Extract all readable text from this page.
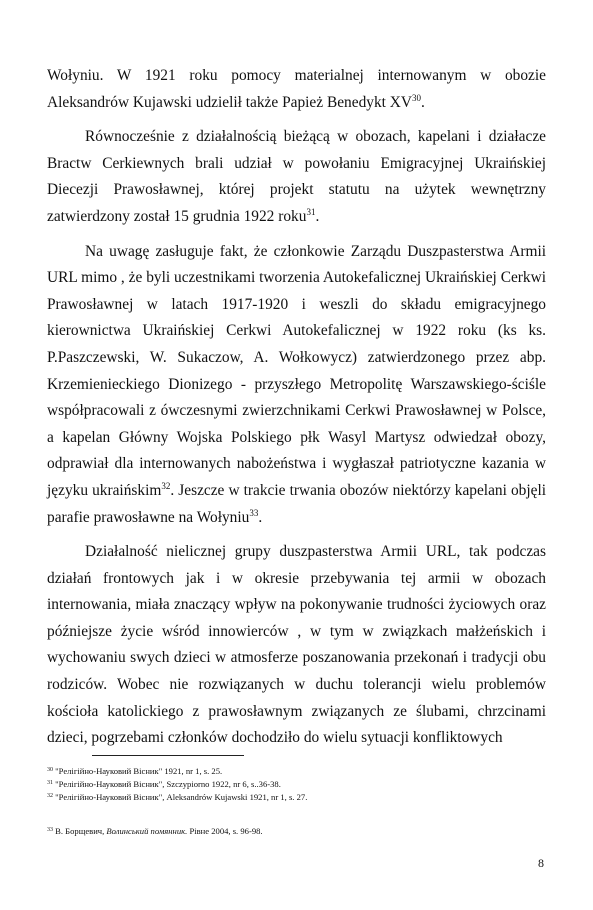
Wołyniu. W 1921 roku pomocy materialnej internowanym w obozie Aleksandrów Kujawski udzielił także Papież Benedykt XV$^{30}$.

Równocześnie z działalnością bieżącą w obozach, kapelani i działacze Bractw Cerkiewnych brali udział w powołaniu Emigracyjnej Ukraińskiej Diecezji Prawosławnej, której projekt statutu na użytek wewnętrzny zatwierdzony został 15 grudnia 1922 roku$^{31}$.

Na uwagę zasługuje fakt, że członkowie Zarządu Duszpasterstwa Armii URL mimo , że byli uczestnikami tworzenia Autokefalicznej Ukraińskiej Cerkwi Prawosławnej w latach 1917-1920 i weszli do składu emigracyjnego kierownictwa Ukraińskiej Cerkwi Autokefalicznej w 1922 roku (ks ks. P.Paszczewski, W. Sukaczow, A. Wołkowycz) zatwierdzonego przez abp. Krzemienieckiego Dionizego - przyszłego Metropolitę Warszawskiego-ściśle współpracowali z ówczesnymi zwierzchnikami Cerkwi Prawosławnej w Polsce, a kapelan Główny Wojska Polskiego płk Wasyl Martysz odwiedzał obozy, odprawiał dla internowanych nabożeństwa i wygłaszał patriotyczne kazania w języku ukraińskim$^{32}$. Jeszcze w trakcie trwania obozów niektórzy kapelani objęli parafie prawosławne na Wołyniu$^{33}$.

Działalność nielicznej grupy duszpasterstwa Armii URL, tak podczas działań frontowych jak i w okresie przebywania tej armii w obozach internowania, miała znaczący wpływ na pokonywanie trudności życiowych oraz późniejsze życie wśród innowierców , w tym w związkach małżeńskich i wychowaniu swych dzieci w atmosferze poszanowania przekonań i tradycji obu rodziców. Wobec nie rozwiązanych w duchu tolerancji wielu problemów kościoła katolickiego z prawosławnym związanych ze ślubami, chrzcinami dzieci, pogrzebami członków dochodziło do wielu sytuacji konfliktowych

$^{30}$ "Релігійно-Науковий Вісник" 1921, nr 1, s. 25.
$^{31}$ "Релігійно-Науковий Вісник", Szczypiorno 1922, nr 6, s..36-38.
$^{32}$ "Релігійно-Науковий Вісник", Aleksandrów Kujawski 1921, nr 1, s. 27.
$^{33}$ В. Борщевич, Волинський помянник. Рівне 2004, s. 96-98.
8
